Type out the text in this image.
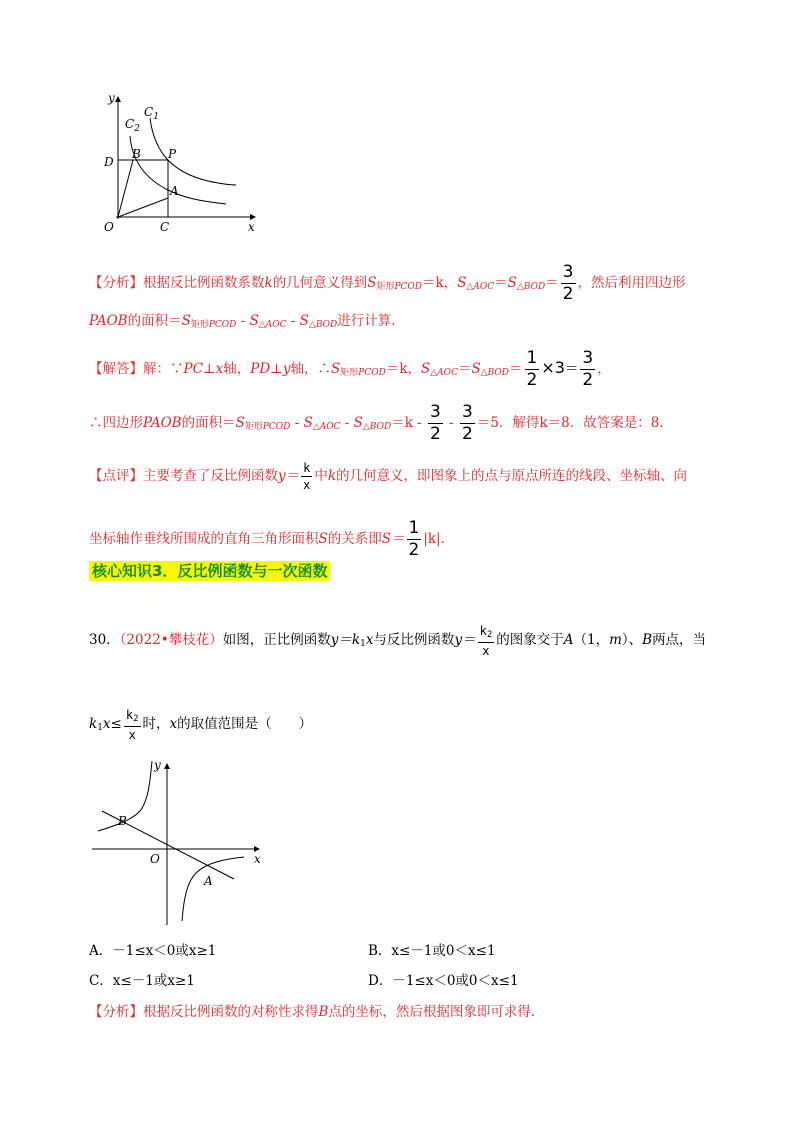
y
$C_1$
$C_2$
D
B P
A
O	C	x
【分析】根据反比例函数系数k的几何意义得到$S_{矩形PCOD}=k$，$S_{\triangle AOC}=S_{\triangle BOD}= \frac{3}{2}$ ，然后利用四边形
PAOB的面积$=S_{矩形PCOD} - S_{\triangle AOC} - S_{\triangle BOD}$进行计算．
【解答】解：∵PC⊥x轴，PD⊥y轴，$\therefore S_{矩形PCOD}=k$，$S_{\triangle AOC}=S_{\triangle BOD}= \frac{1}{2} \times 3= \frac{3}{2}$ ，
∴四边形PAOB的面积$=S_{矩形PCOD} - S_{\triangle AOC} - S_{\triangle BOD}=k - \frac{3}{2} - \frac{3}{2} =5$．解得k＝8．故答案是：8．
【点评】主要考查了反比例函数$y= \frac{k}{x}$ 中k的几何意义，即图象上的点与原点所连的线段、坐标轴、向
坐标轴作垂线所围成的直角三角形面积S的关系即$S= \frac{1}{2} |k|$．
核心知识3．反比例函数与一次函数
30．（2022•攀枝花）如图，正比例函数$y=k_1x$与反比例函数$y= \frac{k_2}{x}$ 的图象交于A（1，m）、B两点，当
$k_1x\le \frac{k_2}{x}$ 时，x的取值范围是（　　）
y
x
O
B
A
A．－1≤x＜0或x≥1	B．x≤－1或0＜x≤1
C．x≤－1或x≥1	D．－1≤x＜0或0＜x≤1
【分析】根据反比例函数的对称性求得B点的坐标，然后根据图象即可求得．
